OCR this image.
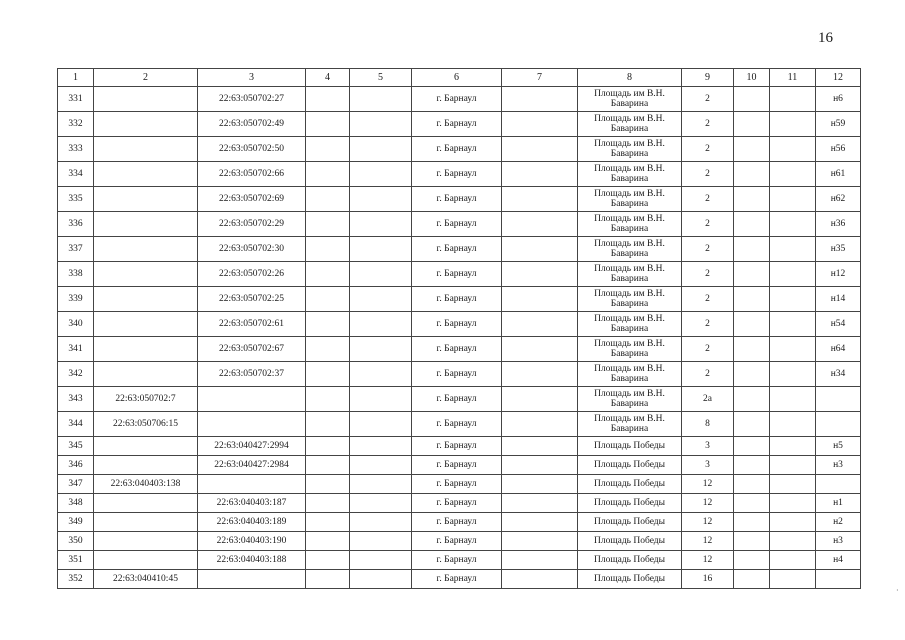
16
1	2	3	4	5	6	7	8	9	10	11	12
331		22:63:050702:27			г. Барнаул		Площадь им В.Н. Баварина	2			н6
332		22:63:050702:49			г. Барнаул		Площадь им В.Н. Баварина	2			н59
333		22:63:050702:50			г. Барнаул		Площадь им В.Н. Баварина	2			н56
334		22:63:050702:66			г. Барнаул		Площадь им В.Н. Баварина	2			н61
335		22:63:050702:69			г. Барнаул		Площадь им В.Н. Баварина	2			н62
336		22:63:050702:29			г. Барнаул		Площадь им В.Н. Баварина	2			н36
337		22:63:050702:30			г. Барнаул		Площадь им В.Н. Баварина	2			н35
338		22:63:050702:26			г. Барнаул		Площадь им В.Н. Баварина	2			н12
339		22:63:050702:25			г. Барнаул		Площадь им В.Н. Баварина	2			н14
340		22:63:050702:61			г. Барнаул		Площадь им В.Н. Баварина	2			н54
341		22:63:050702:67			г. Барнаул		Площадь им В.Н. Баварина	2			н64
342		22:63:050702:37			г. Барнаул		Площадь им В.Н. Баварина	2			н34
343	22:63:050702:7				г. Барнаул		Площадь им В.Н. Баварина	2а			
344	22:63:050706:15				г. Барнаул		Площадь им В.Н. Баварина	8			
345		22:63:040427:2994			г. Барнаул		Площадь Победы	3			н5
346		22:63:040427:2984			г. Барнаул		Площадь Победы	3			н3
347	22:63:040403:138				г. Барнаул		Площадь Победы	12			
348		22:63:040403:187			г. Барнаул		Площадь Победы	12			н1
349		22:63:040403:189			г. Барнаул		Площадь Победы	12			н2
350		22:63:040403:190			г. Барнаул		Площадь Победы	12			н3
351		22:63:040403:188			г. Барнаул		Площадь Победы	12			н4
352	22:63:040410:45				г. Барнаул		Площадь Победы	16			
·
